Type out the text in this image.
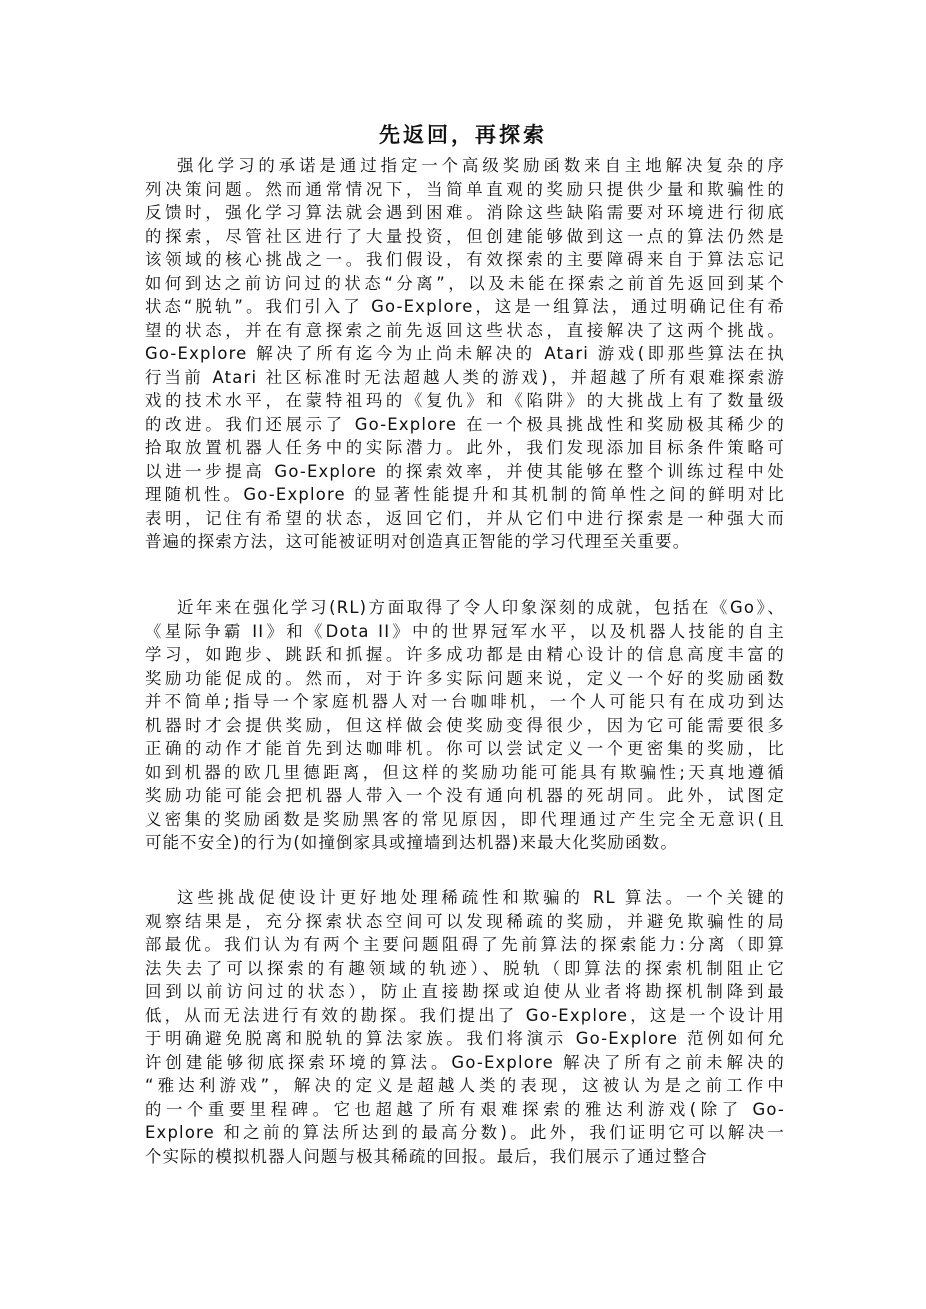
先返回，再探索
强化学习的承诺是通过指定一个高级奖励函数来自主地解决复杂的序
列决策问题。然而通常情况下，当简单直观的奖励只提供少量和欺骗性的
反馈时，强化学习算法就会遇到困难。消除这些缺陷需要对环境进行彻底
的探索，尽管社区进行了大量投资，但创建能够做到这一点的算法仍然是
该领域的核心挑战之一。我们假设，有效探索的主要障碍来自于算法忘记
如何到达之前访问过的状态“分离”，以及未能在探索之前首先返回到某个
状态“脱轨”。我们引入了 Go-Explore，这是一组算法，通过明确记住有希
望的状态，并在有意探索之前先返回这些状态，直接解决了这两个挑战。
Go-Explore 解决了所有迄今为止尚未解决的 Atari 游戏(即那些算法在执
行当前 Atari 社区标准时无法超越人类的游戏)，并超越了所有艰难探索游
戏的技术水平，在蒙特祖玛的《复仇》和《陷阱》的大挑战上有了数量级
的改进。我们还展示了 Go-Explore 在一个极具挑战性和奖励极其稀少的
拾取放置机器人任务中的实际潜力。此外，我们发现添加目标条件策略可
以进一步提高 Go-Explore 的探索效率，并使其能够在整个训练过程中处
理随机性。Go-Explore 的显著性能提升和其机制的简单性之间的鲜明对比
表明，记住有希望的状态，返回它们，并从它们中进行探索是一种强大而
普遍的探索方法，这可能被证明对创造真正智能的学习代理至关重要。
近年来在强化学习(RL)方面取得了令人印象深刻的成就，包括在《Go》、
《星际争霸 II》和《Dota II》中的世界冠军水平，以及机器人技能的自主
学习，如跑步、跳跃和抓握。许多成功都是由精心设计的信息高度丰富的
奖励功能促成的。然而，对于许多实际问题来说，定义一个好的奖励函数
并不简单;指导一个家庭机器人对一台咖啡机，一个人可能只有在成功到达
机器时才会提供奖励，但这样做会使奖励变得很少，因为它可能需要很多
正确的动作才能首先到达咖啡机。你可以尝试定义一个更密集的奖励，比
如到机器的欧几里德距离，但这样的奖励功能可能具有欺骗性;天真地遵循
奖励功能可能会把机器人带入一个没有通向机器的死胡同。此外，试图定
义密集的奖励函数是奖励黑客的常见原因，即代理通过产生完全无意识(且
可能不安全)的行为(如撞倒家具或撞墙到达机器)来最大化奖励函数。
这些挑战促使设计更好地处理稀疏性和欺骗的 RL 算法。一个关键的
观察结果是，充分探索状态空间可以发现稀疏的奖励，并避免欺骗性的局
部最优。我们认为有两个主要问题阻碍了先前算法的探索能力:分离（即算
法失去了可以探索的有趣领域的轨迹）、脱轨（即算法的探索机制阻止它
回到以前访问过的状态），防止直接勘探或迫使从业者将勘探机制降到最
低，从而无法进行有效的勘探。我们提出了 Go-Explore，这是一个设计用
于明确避免脱离和脱轨的算法家族。我们将演示 Go-Explore 范例如何允
许创建能够彻底探索环境的算法。Go-Explore 解决了所有之前未解决的
“雅达利游戏”，解决的定义是超越人类的表现，这被认为是之前工作中
的一个重要里程碑。它也超越了所有艰难探索的雅达利游戏(除了 Go-
Explore 和之前的算法所达到的最高分数)。此外，我们证明它可以解决一
个实际的模拟机器人问题与极其稀疏的回报。最后，我们展示了通过整合
